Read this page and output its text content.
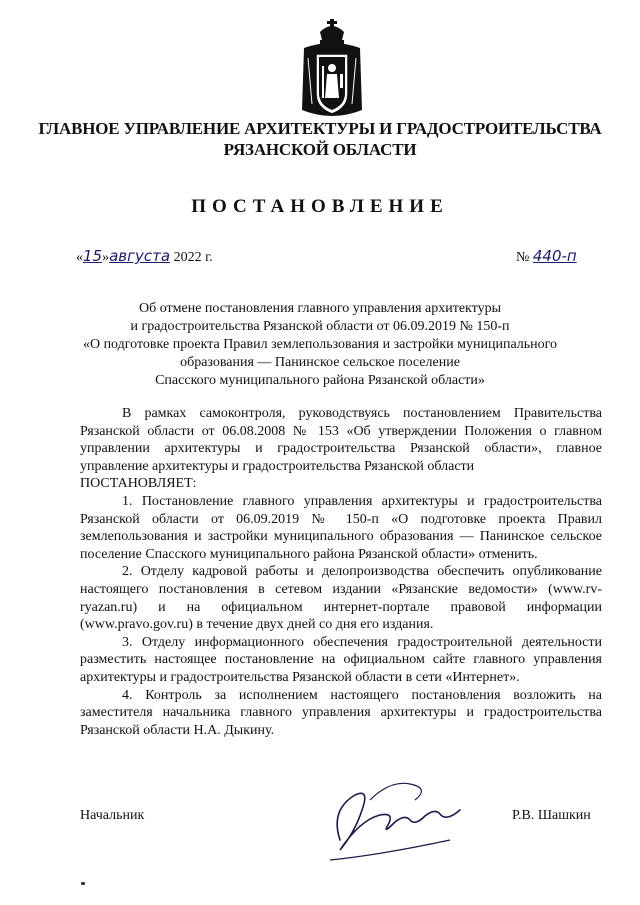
ГЛАВНОЕ УПРАВЛЕНИЕ АРХИТЕКТУРЫ И ГРАДОСТРОИТЕЛЬСТВА
РЯЗАНСКОЙ ОБЛАСТИ
ПОСТАНОВЛЕНИЕ
«15»августа 2022 г.	№ 440-п
Об отмене постановления главного управления архитектуры
и градостроительства Рязанской области от 06.09.2019 № 150-п
«О подготовке проекта Правил землепользования и застройки муниципального
образования — Панинское сельское поселение
Спасского муниципального района Рязанской области»

В рамках самоконтроля, руководствуясь постановлением Правительства Рязанской области от 06.08.2008 № 153 «Об утверждении Положения о главном управлении архитектуры и градостроительства Рязанской области», главное управление архитектуры и градостроительства Рязанской области

ПОСТАНОВЛЯЕТ:

1. Постановление главного управления архитектуры и градостроительства Рязанской области от 06.09.2019 № 150-п «О подготовке проекта Правил землепользования и застройки муниципального образования — Панинское сельское поселение Спасского муниципального района Рязанской области» отменить.

2. Отделу кадровой работы и делопроизводства обеспечить опубликование настоящего постановления в сетевом издании «Рязанские ведомости» (www.rv-ryazan.ru) и на официальном интернет-портале правовой информации (www.pravo.gov.ru) в течение двух дней со дня его издания.

3. Отделу информационного обеспечения градостроительной деятельности разместить настоящее постановление на официальном сайте главного управления архитектуры и градостроительства Рязанской области в сети «Интернет».

4. Контроль за исполнением настоящего постановления возложить на заместителя начальника главного управления архитектуры и градостроительства Рязанской области Н.А. Дыкину.

Начальник	Р.В. Шашкин
